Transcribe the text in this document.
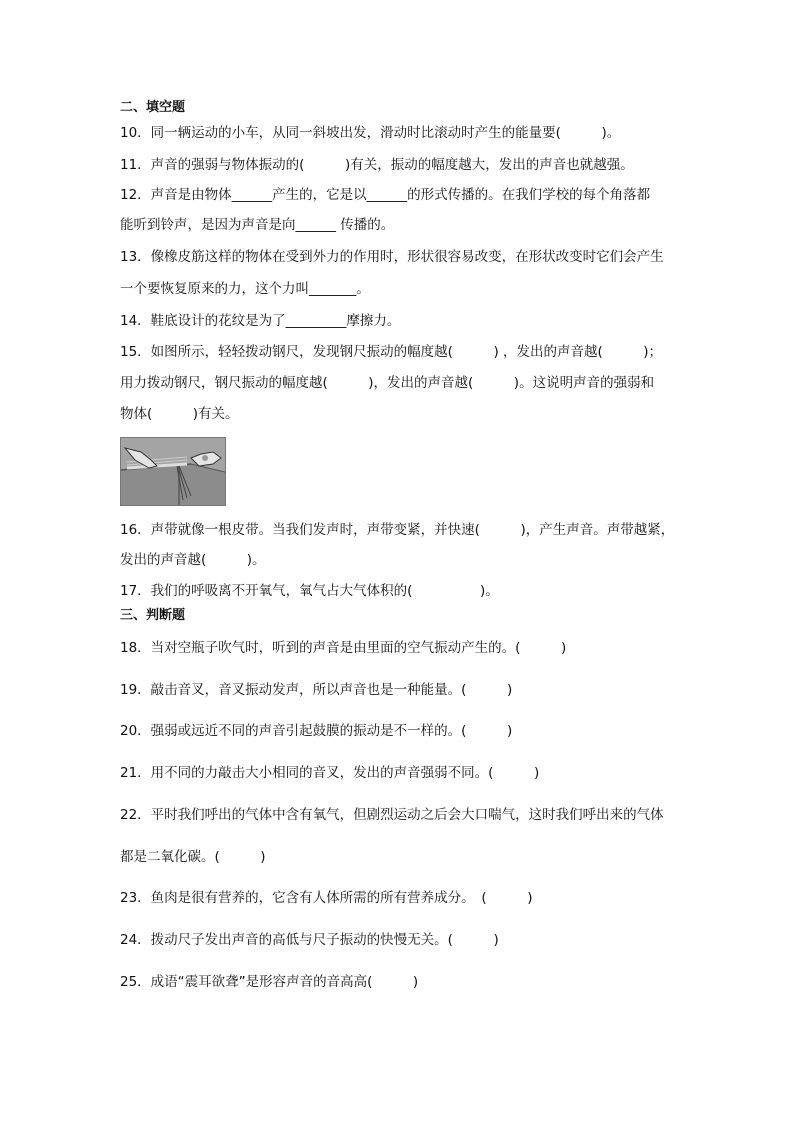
二、填空题
10．同一辆运动的小车，从同一斜坡出发，滑动时比滚动时产生的能量要(　　　)。
11．声音的强弱与物体振动的(　　　)有关，振动的幅度越大，发出的声音也就越强。
12．声音是由物体______产生的，它是以______的形式传播的。在我们学校的每个角落都
能听到铃声，是因为声音是向______ 传播的。
13．像橡皮筋这样的物体在受到外力的作用时，形状很容易改变，在形状改变时它们会产生
一个要恢复原来的力，这个力叫_______。
14．鞋底设计的花纹是为了_________摩擦力。
15．如图所示，轻轻拨动钢尺，发现钢尺振动的幅度越(　　　) ，发出的声音越(　　　)；
用力拨动钢尺，钢尺振动的幅度越(　　　)，发出的声音越(　　　)。这说明声音的强弱和
物体(　　　)有关。
16．声带就像一根皮带。当我们发声时，声带变紧，并快速(　　　)，产生声音。声带越紧，
发出的声音越(　　　)。
17．我们的呼吸离不开氧气，氧气占大气体积的(　　　　　)。
三、判断题
18．当对空瓶子吹气时，听到的声音是由里面的空气振动产生的。(　　　)
19．敲击音叉，音叉振动发声，所以声音也是一种能量。(　　　)
20．强弱或远近不同的声音引起鼓膜的振动是不一样的。(　　　)
21．用不同的力敲击大小相同的音叉，发出的声音强弱不同。(　　　)
22．平时我们呼出的气体中含有氧气，但剧烈运动之后会大口喘气，这时我们呼出来的气体
都是二氧化碳。(　　　)
23．鱼肉是很有营养的，它含有人体所需的所有营养成分。　(　　　)
24．拨动尺子发出声音的高低与尺子振动的快慢无关。(　　　)
25．成语“震耳欲聋”是形容声音的音高高(　　　)
